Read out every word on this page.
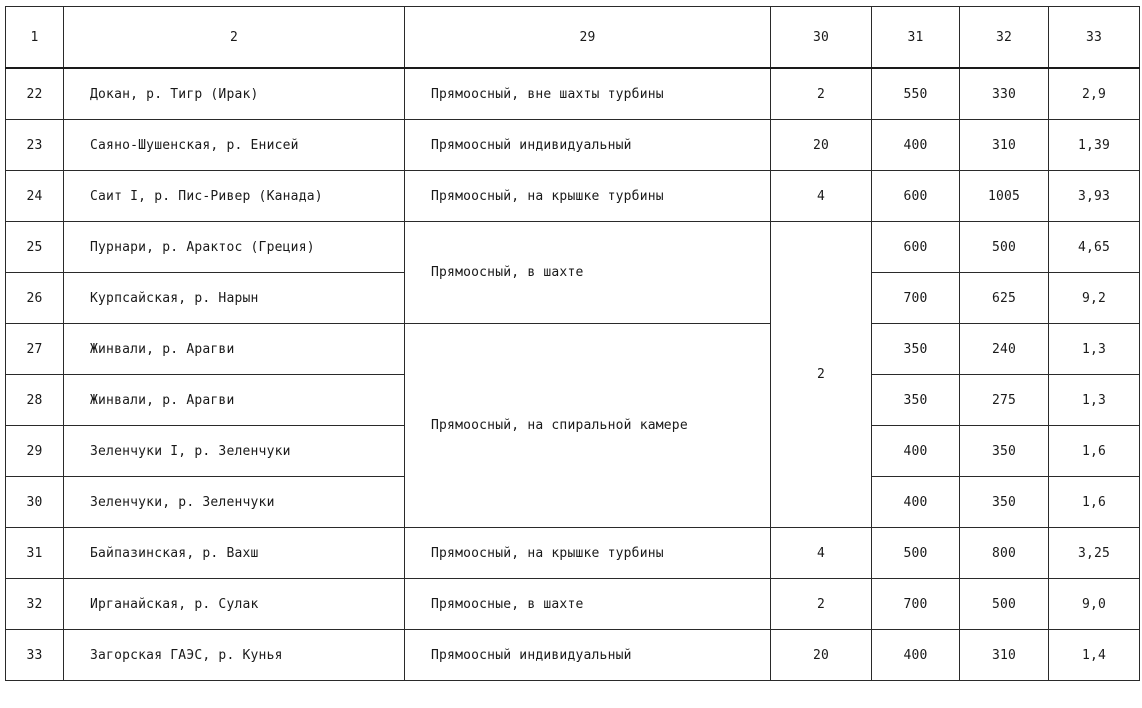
1	2	29	30	31	32	33
22	Докан, р. Тигр (Ирак)	Прямоосный, вне шахты турбины	2	550	330	2,9
23	Саяно-Шушенская, р. Енисей	Прямоосный индивидуальный	20	400	310	1,39
24	Саит I, р. Пис-Ривер (Канада)	Прямоосный, на крышке турбины	4	600	1005	3,93
25	Пурнари, р. Арактос (Греция)	Прямоосный, в шахте	2	600	500	4,65
26	Курпсайская, р. Нарын			700	625	9,2
27	Жинвали, р. Арагви	Прямоосный, на спиральной камере		350	240	1,3
28	Жинвали, р. Арагви			350	275	1,3
29	Зеленчуки I, р. Зеленчуки			400	350	1,6
30	Зеленчуки, р. Зеленчуки			400	350	1,6
31	Байпазинская, р. Вахш	Прямоосный, на крышке турбины	4	500	800	3,25
32	Ирганайская, р. Сулак	Прямоосные, в шахте	2	700	500	9,0
33	Загорская ГАЭС, р. Кунья	Прямоосный индивидуальный	20	400	310	1,4
